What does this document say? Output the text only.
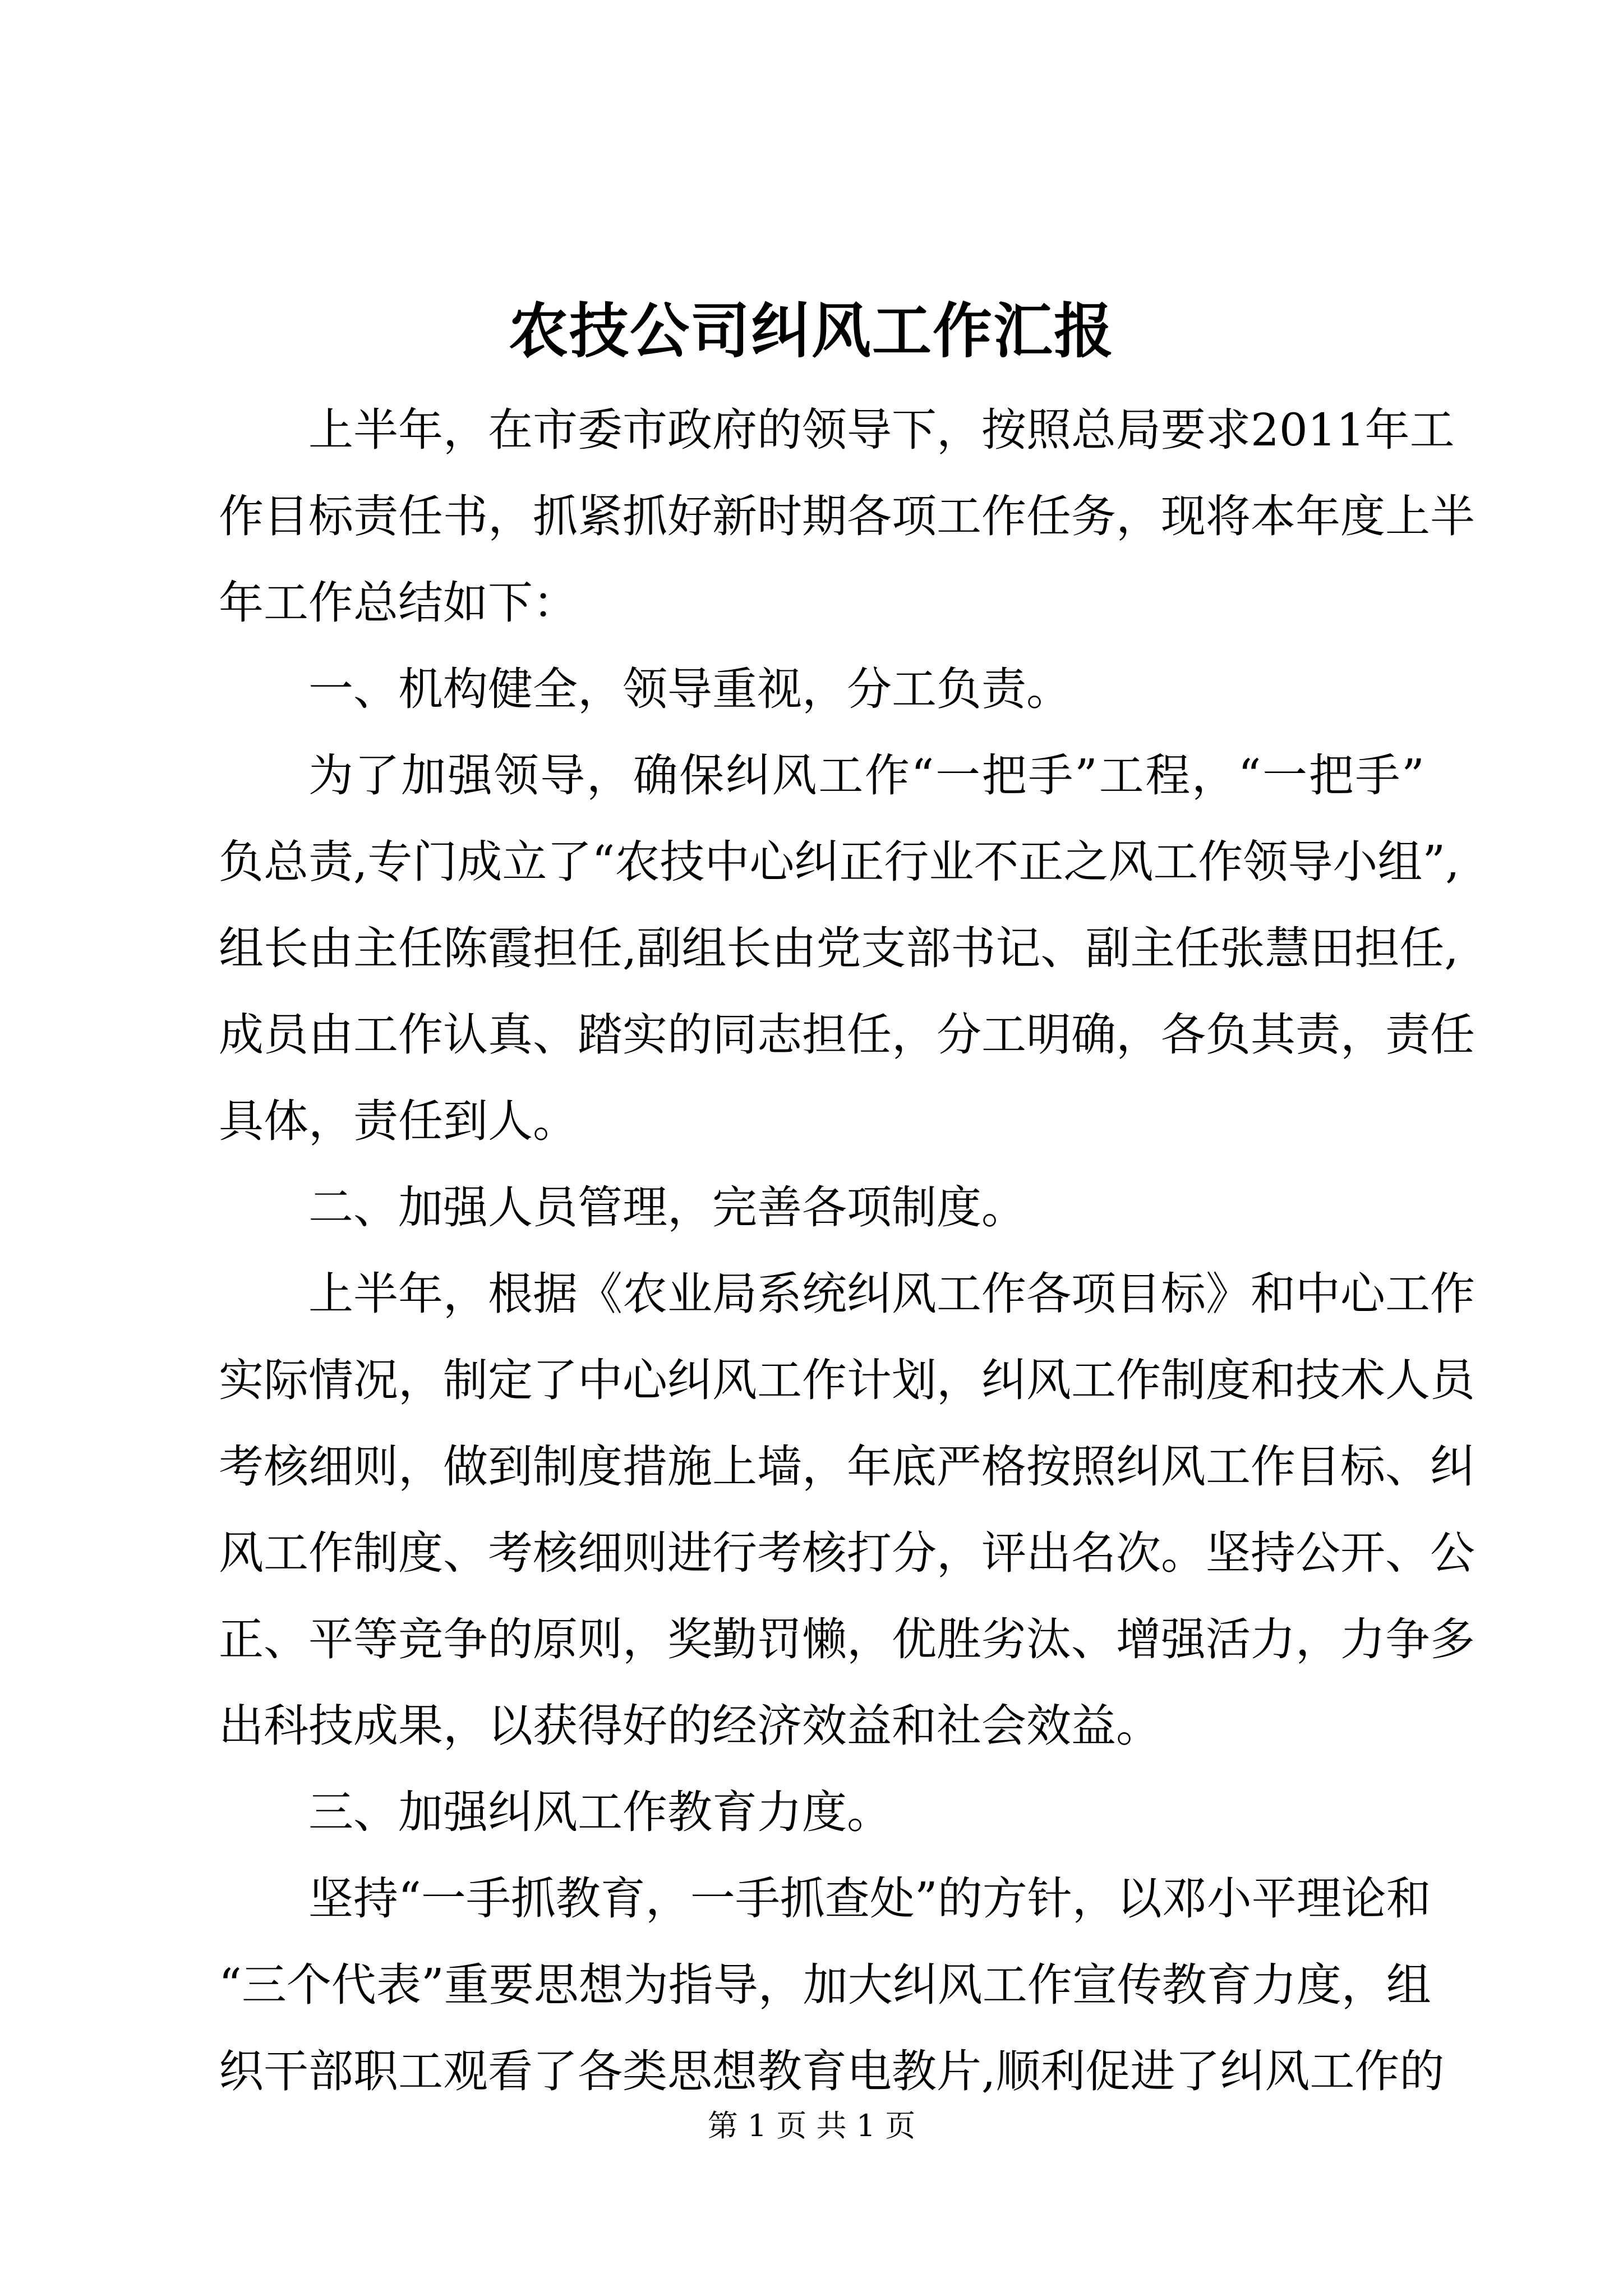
农技公司纠风工作汇报
上半年，在市委市政府的领导下，按照总局要求2011年工
作目标责任书，抓紧抓好新时期各项工作任务，现将本年度上半
年工作总结如下：
一、机构健全，领导重视，分工负责。
为了加强领导，确保纠风工作“一把手”工程，“一把手”
负总责,专门成立了“农技中心纠正行业不正之风工作领导小组”,
组长由主任陈霞担任,副组长由党支部书记、副主任张慧田担任,
成员由工作认真、踏实的同志担任，分工明确，各负其责，责任
具体，责任到人。
二、加强人员管理，完善各项制度。
上半年，根据《农业局系统纠风工作各项目标》和中心工作
实际情况，制定了中心纠风工作计划，纠风工作制度和技术人员
考核细则，做到制度措施上墙，年底严格按照纠风工作目标、纠
风工作制度、考核细则进行考核打分，评出名次。坚持公开、公
正、平等竞争的原则，奖勤罚懒，优胜劣汰、增强活力，力争多
出科技成果，以获得好的经济效益和社会效益。
三、加强纠风工作教育力度。
坚持“一手抓教育，一手抓查处”的方针，以邓小平理论和
“三个代表”重要思想为指导，加大纠风工作宣传教育力度，组
织干部职工观看了各类思想教育电教片,顺利促进了纠风工作的
第 1 页 共 1 页
